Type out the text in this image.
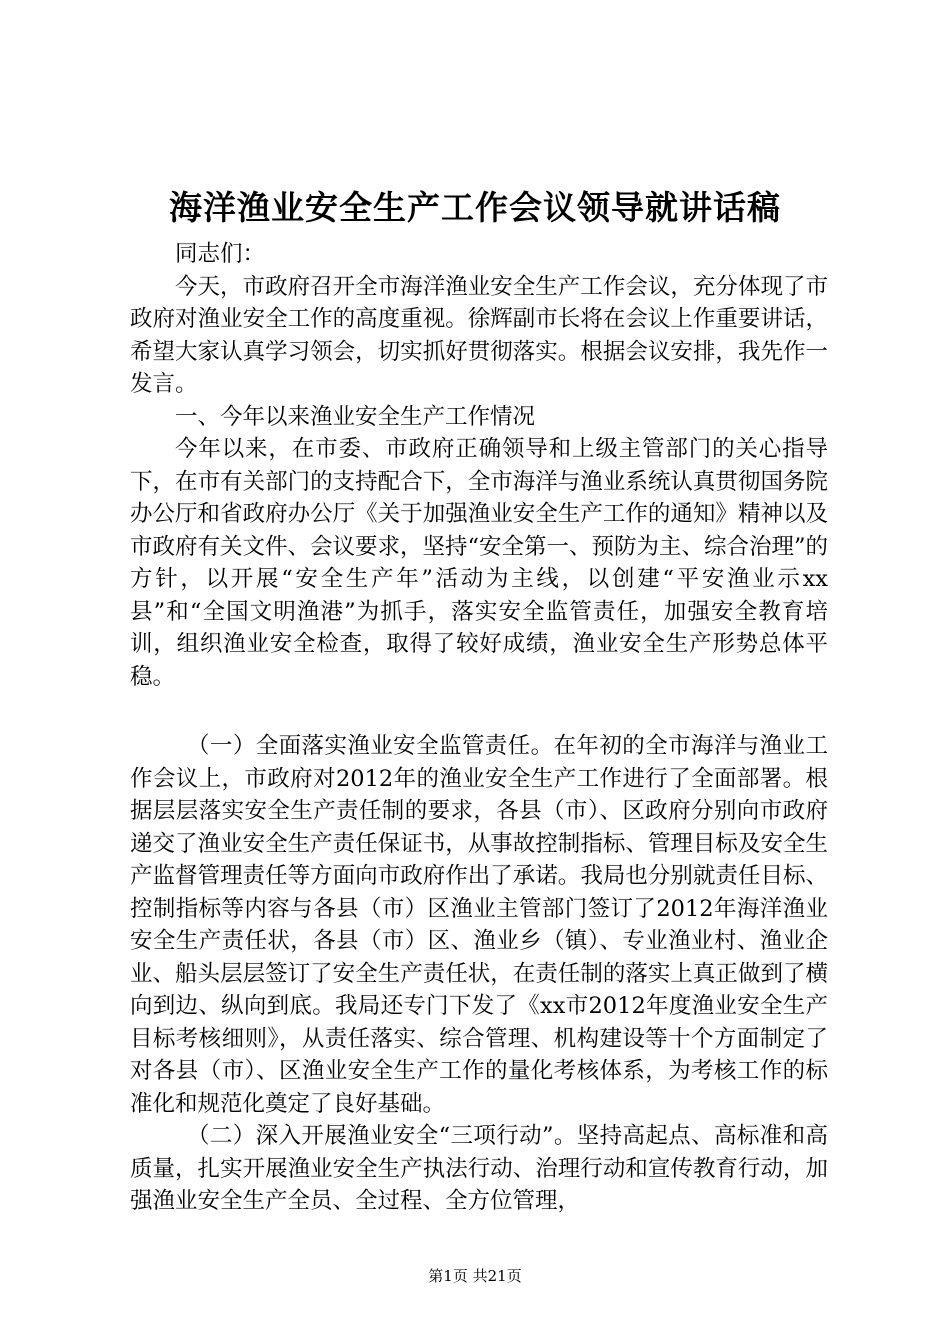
海洋渔业安全生产工作会议领导就讲话稿

同志们：

今天，市政府召开全市海洋渔业安全生产工作会议，充分体现了市政府对渔业安全工作的高度重视。徐辉副市长将在会议上作重要讲话，希望大家认真学习领会，切实抓好贯彻落实。根据会议安排，我先作一发言。

一、今年以来渔业安全生产工作情况

今年以来，在市委、市政府正确领导和上级主管部门的关心指导下，在市有关部门的支持配合下，全市海洋与渔业系统认真贯彻国务院办公厅和省政府办公厅《关于加强渔业安全生产工作的通知》精神以及市政府有关文件、会议要求，坚持“安全第一、预防为主、综合治理”的方针，以开展“安全生产年”活动为主线，以创建“平安渔业示xx县”和“全国文明渔港”为抓手，落实安全监管责任，加强安全教育培训，组织渔业安全检查，取得了较好成绩，渔业安全生产形势总体平稳。

（一）全面落实渔业安全监管责任。在年初的全市海洋与渔业工作会议上，市政府对2012年的渔业安全生产工作进行了全面部署。根据层层落实安全生产责任制的要求，各县（市）、区政府分别向市政府递交了渔业安全生产责任保证书，从事故控制指标、管理目标及安全生产监督管理责任等方面向市政府作出了承诺。我局也分别就责任目标、控制指标等内容与各县（市）区渔业主管部门签订了2012年海洋渔业安全生产责任状，各县（市）区、渔业乡（镇）、专业渔业村、渔业企业、船头层层签订了安全生产责任状，在责任制的落实上真正做到了横向到边、纵向到底。我局还专门下发了《xx市2012年度渔业安全生产目标考核细则》，从责任落实、综合管理、机构建设等十个方面制定了对各县（市）、区渔业安全生产工作的量化考核体系，为考核工作的标准化和规范化奠定了良好基础。

（二）深入开展渔业安全“三项行动”。坚持高起点、高标准和高质量，扎实开展渔业安全生产执法行动、治理行动和宣传教育行动，加强渔业安全生产全员、全过程、全方位管理，

第1页 共21页
